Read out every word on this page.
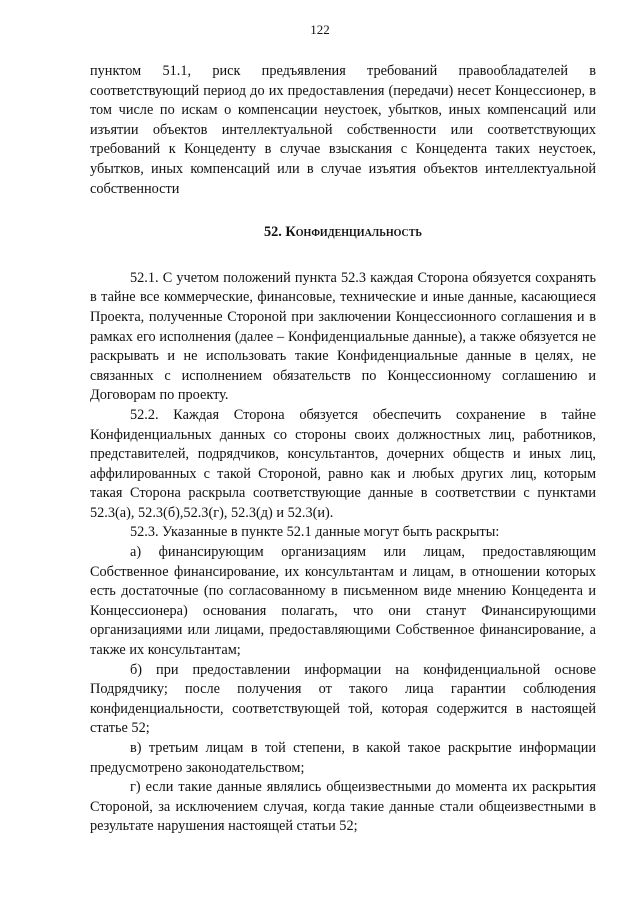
122

пунктом 51.1, риск предъявления требований правообладателей в соответствующий период до их предоставления (передачи) несет Концессионер, в том числе по искам о компенсации неустоек, убытков, иных компенсаций или изъятии объектов интеллектуальной собственности или соответствующих требований к Концеденту в случае взыскания с Концедента таких неустоек, убытков, иных компенсаций или в случае изъятия объектов интеллектуальной собственности

52. Конфиденциальность

52.1. С учетом положений пункта 52.3 каждая Сторона обязуется сохранять в тайне все коммерческие, финансовые, технические и иные данные, касающиеся Проекта, полученные Стороной при заключении Концессионного соглашения и в рамках его исполнения (далее – Конфиденциальные данные), а также обязуется не раскрывать и не использовать такие Конфиденциальные данные в целях, не связанных с исполнением обязательств по Концессионному соглашению и Договорам по проекту.

52.2. Каждая Сторона обязуется обеспечить сохранение в тайне Конфиденциальных данных со стороны своих должностных лиц, работников, представителей, подрядчиков, консультантов, дочерних обществ и иных лиц, аффилированных с такой Стороной, равно как и любых других лиц, которым такая Сторона раскрыла соответствующие данные в соответствии с пунктами 52.3(а), 52.3(б),52.3(г), 52.3(д) и 52.3(и).

52.3. Указанные в пункте 52.1 данные могут быть раскрыты:

а) финансирующим организациям или лицам, предоставляющим Собственное финансирование, их консультантам и лицам, в отношении которых есть достаточные (по согласованному в письменном виде мнению Концедента и Концессионера) основания полагать, что они станут Финансирующими организациями или лицами, предоставляющими Собственное финансирование, а также их консультантам;

б) при предоставлении информации на конфиденциальной основе Подрядчику; после получения от такого лица гарантии соблюдения конфиденциальности, соответствующей той, которая содержится в настоящей статье 52;

в) третьим лицам в той степени, в какой такое раскрытие информации предусмотрено законодательством;

г) если такие данные являлись общеизвестными до момента их раскрытия Стороной, за исключением случая, когда такие данные стали общеизвестными в результате нарушения настоящей статьи 52;
